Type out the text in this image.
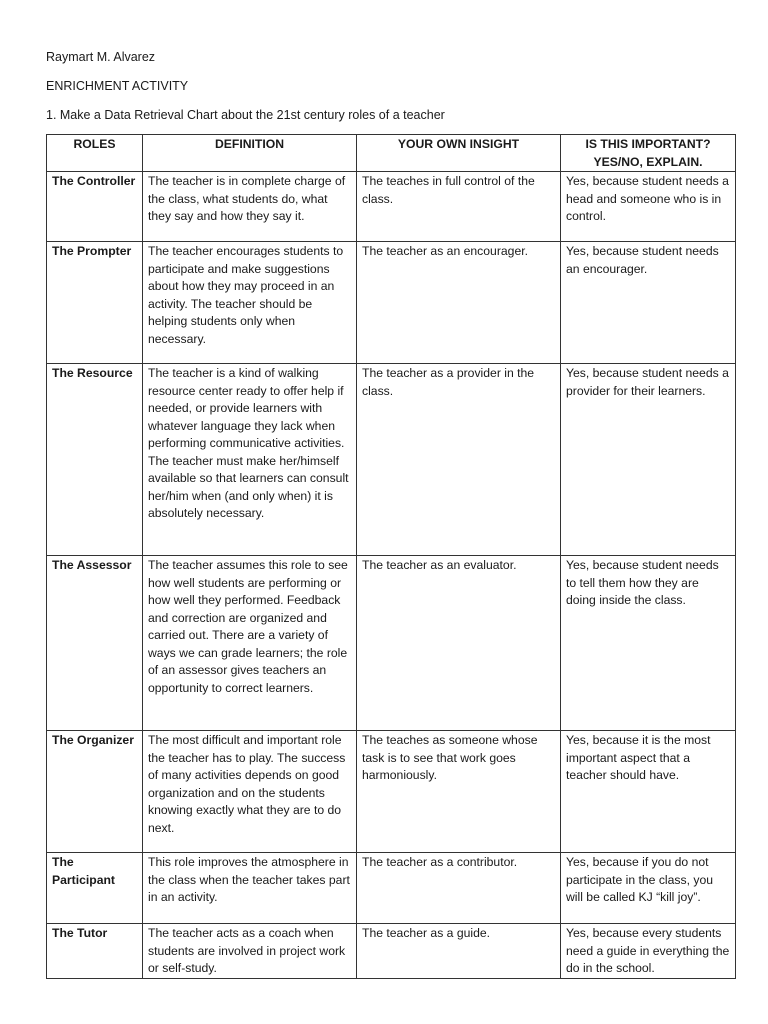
Raymart M. Alvarez
ENRICHMENT ACTIVITY
1. Make a Data Retrieval Chart about the 21st century roles of a teacher
ROLES	DEFINITION	YOUR OWN INSIGHT	IS THIS IMPORTANT?
YES/NO, EXPLAIN.
The Controller	The teacher is in complete charge of the class, what students do, what they say and how they say it.	The teaches in full control of the class.	Yes, because student needs a head and someone who is in control.
The Prompter	The teacher encourages students to participate and make suggestions about how they may proceed in an activity. The teacher should be helping students only when necessary.	The teacher as an encourager.	Yes, because student needs an encourager.
The Resource	The teacher is a kind of walking resource center ready to offer help if needed, or provide learners with whatever language they lack when performing communicative activities. The teacher must make her/himself available so that learners can consult her/him when (and only when) it is absolutely necessary.	The teacher as a provider in the class.	Yes, because student needs a provider for their learners.
The Assessor	The teacher assumes this role to see how well students are performing or how well they performed. Feedback and correction are organized and carried out. There are a variety of ways we can grade learners; the role of an assessor gives teachers an opportunity to correct learners.	The teacher as an evaluator.	Yes, because student needs to tell them how they are doing inside the class.
The Organizer	The most difficult and important role the teacher has to play. The success of many activities depends on good organization and on the students knowing exactly what they are to do next.	The teaches as someone whose task is to see that work goes harmoniously.	Yes, because it is the most important aspect that a teacher should have.
The Participant	This role improves the atmosphere in the class when the teacher takes part in an activity.	The teacher as a contributor.	Yes, because if you do not participate in the class, you will be called KJ “kill joy”.
The Tutor	The teacher acts as a coach when students are involved in project work or self-study.	The teacher as a guide.	Yes, because every students need a guide in everything the do in the school.
